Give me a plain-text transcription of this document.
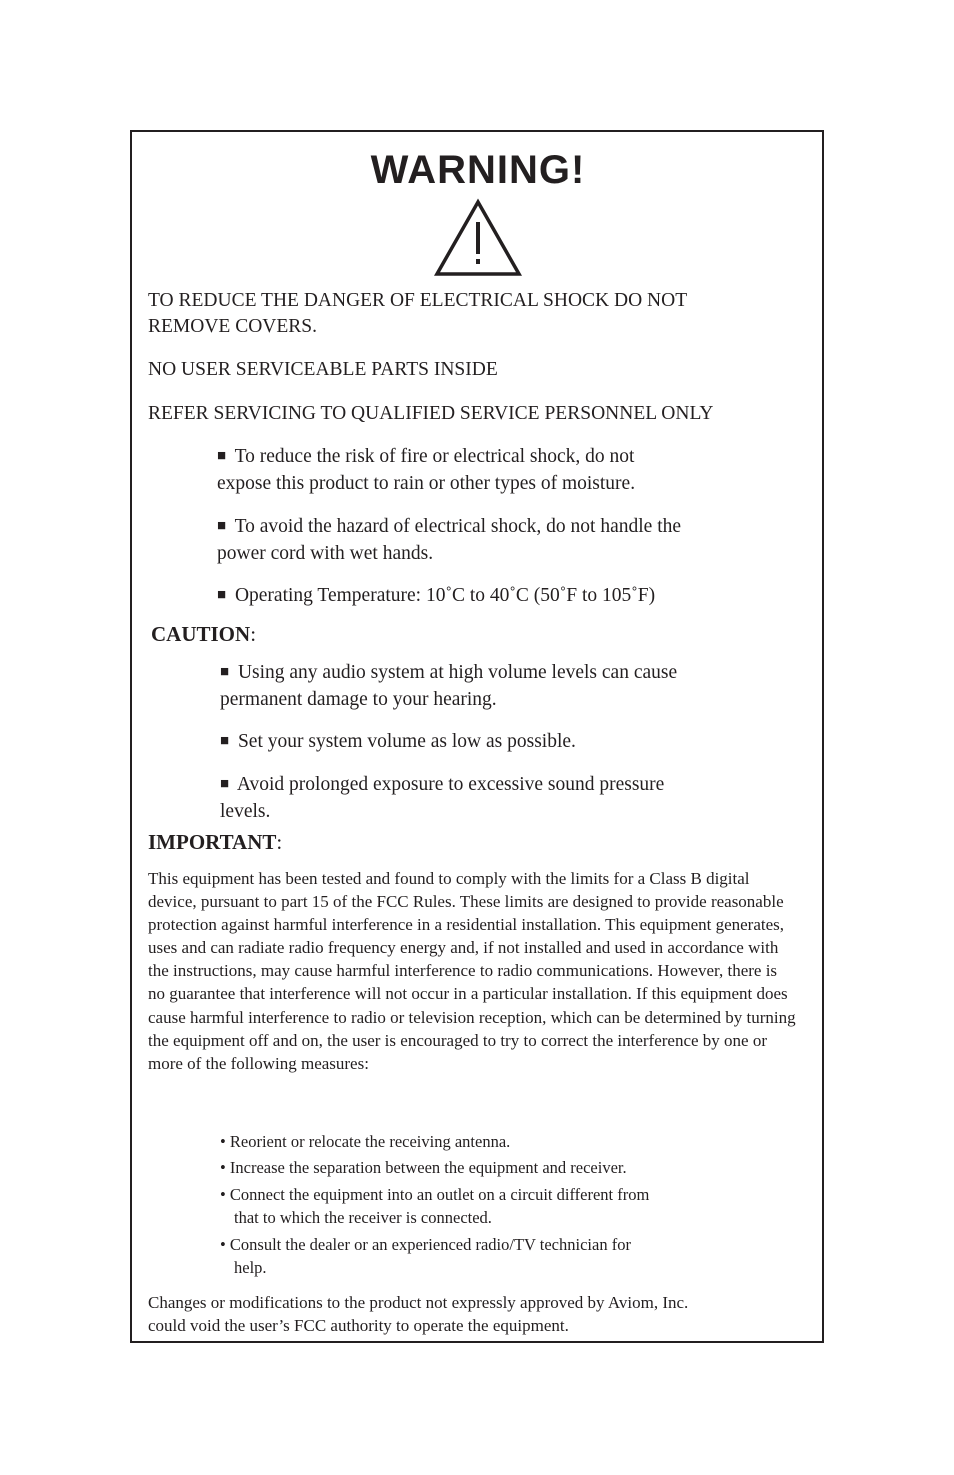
WARNING!
TO REDUCE THE DANGER OF ELECTRICAL SHOCK DO NOT
REMOVE COVERS.
NO USER SERVICEABLE PARTS INSIDE
REFER SERVICING TO QUALIFIED SERVICE PERSONNEL ONLY
■ To reduce the risk of fire or electrical shock, do not
expose this product to rain or other types of moisture.
■ To avoid the hazard of electrical shock, do not handle the
power cord with wet hands.
■ Operating Temperature: 10˚C to 40˚C (50˚F to 105˚F)
CAUTION:
■ Using any audio system at high volume levels can cause
permanent damage to your hearing.
■ Set your system volume as low as possible.
■ Avoid prolonged exposure to excessive sound pressure
levels.
IMPORTANT:

This equipment has been tested and found to comply with the limits for a Class B digital device, pursuant to part 15 of the FCC Rules. These limits are designed to provide reasonable protection against harmful interference in a residential installation. This equipment generates, uses and can radiate radio frequency energy and, if not installed and used in accordance with the instructions, may cause harmful interference to radio communications. However, there is no guarantee that interference will not occur in a particular installation. If this equipment does cause harmful interference to radio or television reception, which can be determined by turning the equipment off and on, the user is encouraged to try to correct the interference by one or more of the following measures:

• Reorient or relocate the receiving antenna.
• Increase the separation between the equipment and receiver.
• Connect the equipment into an outlet on a circuit different from
that to which the receiver is connected.
• Consult the dealer or an experienced radio/TV technician for
help.
Changes or modifications to the product not expressly approved by Aviom, Inc.
could void the user’s FCC authority to operate the equipment.
